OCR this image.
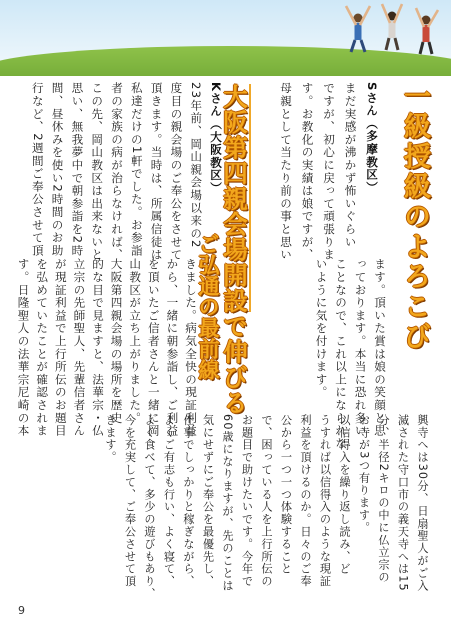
一級授級のよろこび
大阪第四親会場開設で伸びる
ご弘通の最前線
Sさん（多摩教区）
まだ実感が沸かず怖いぐらい
ですが、初心に戻って頑張りま
す。お教化の実績は娘ですが、
母親として当たり前の事と思い
Kさん（大阪教区）
23年前、岡山親会場以来の2
度目の親会場のご奉公をさせて
頂きます。当時は、所属信徒は
私達だけの1軒でした。お参詣
者の家族の病が治らなければ、
この先、岡山教区は出来ないと
思い、無我夢中で朝参詣を2時
間、昼休みを使い2時間のお助
行など、2週間ご奉公させて頂
きました。病気全快の現証利益
から、一緒に朝参詣し、ご利益
を頂いたご信者さんと一緒に岡
山教区が立ち上がりました。
大阪第四親会場の場所を歴史
的な目で見ますと、法華宗・仏
立宗の先師聖人、先輩信者さん
が現証利益で上行所伝のお題目
を弘めていたことが確認されま
す。日隆聖人の法華宗尼崎の本	ます。頂いた賞は娘の笑顔と思
っております。本当に恐れ多い
ことなので、これ以上になられな
いように気を付けます。
興寺へは30分、日扇聖人がご入
滅された守口市の義天寺へは15
分、半径2キロの中に仏立宗の
お寺が3つ有ります。
以信得入を繰り返し読み、ど
うすれば以信得入のような現証
利益を頂けるのか。日々のご奉
公から一つ一つ体験すること
で、困っている人を上行所伝の
お題目で助けたいです。今年で
60歳になりますが、先のことは
気にせずにご奉公を最優先し、
仕事でしっかりと稼ぎながら、
よくご有志も行い、よく寝て、
よく食べて、多少の遊びもあり、
今を充実して、ご奉公させて頂
きます。
9
